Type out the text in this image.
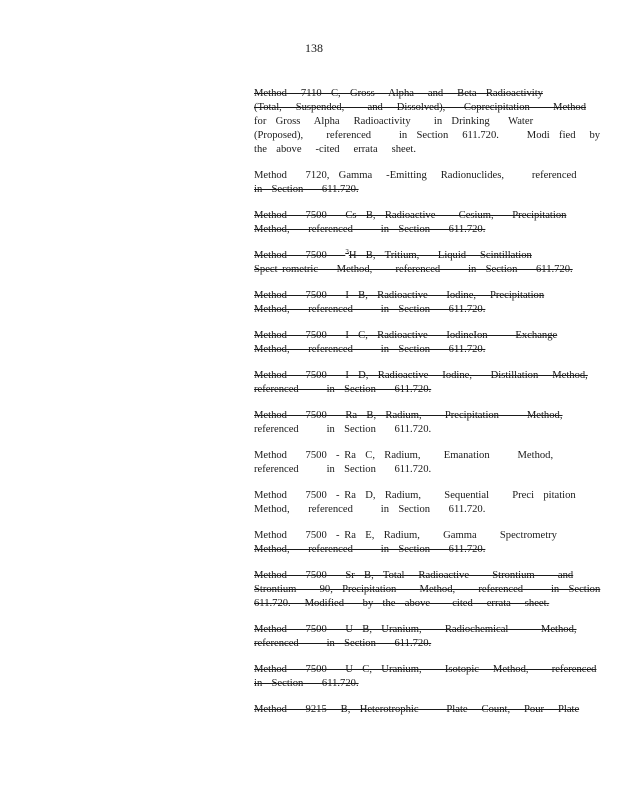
138
Method   7110  C,  Gross   Alpha   and   Beta  Radioactivity
(Total,   Suspended,     and   Dissolved),    Coprecipitation     Method
for  Gross   Alpha   Radioactivity     in  Drinking    Water
(Proposed),     referenced      in  Section   611.720.      Modi  fied   by
the  above   -cited   errata   sheet.
Method    7120,  Gamma   -Emitting   Radionuclides,      referenced
in  Section    611.720.
Method    7500    Cs  B,  Radioactive     Cesium,    Precipitation
Method,    referenced      in  Section    611.720.
Method    7500    $^3$H  B,  Tritium,    Liquid   Scintillation
Spect rometric    Method,     referenced      in  Section    611.720.
Method    7500    I  B,  Radioactive    Iodine,   Precipitation
Method,    referenced      in  Section    611.720.
Method    7500    I  C,  Radioactive    IodineIon      Exchange
Method,    referenced      in  Section    611.720.
Method    7500    I  D,  Radioactive   Iodine,    Distillation   Method,
referenced      in  Section    611.720.
Method    7500    Ra  B,  Radium,     Precipitation      Method,
referenced      in  Section    611.720.
Method    7500  - Ra  C,  Radium,     Emanation      Method,
referenced      in  Section    611.720.
Method    7500  - Ra  D,  Radium,     Sequential     Preci  pitation
Method,    referenced      in  Section    611.720.
Method    7500  - Ra  E,  Radium,     Gamma     Spectrometry
Method,    referenced      in  Section    611.720.
Method    7500    Sr  B,  Total   Radioactive     Strontium     and
Strontium     90,  Precipitation     Method,     referenced      in  Section
611.720.   Modified    by  the  above    -cited   errata   sheet.
Method    7500    U  B,  Uranium,     Radiochemical       Method,
referenced      in  Section    611.720.
Method    7500    U  C,  Uranium,     Isotopic   Method,     referenced
in  Section    611.720.
Method    9215   B,  Heterotrophic      Plate   Count,   Pour   Plate
